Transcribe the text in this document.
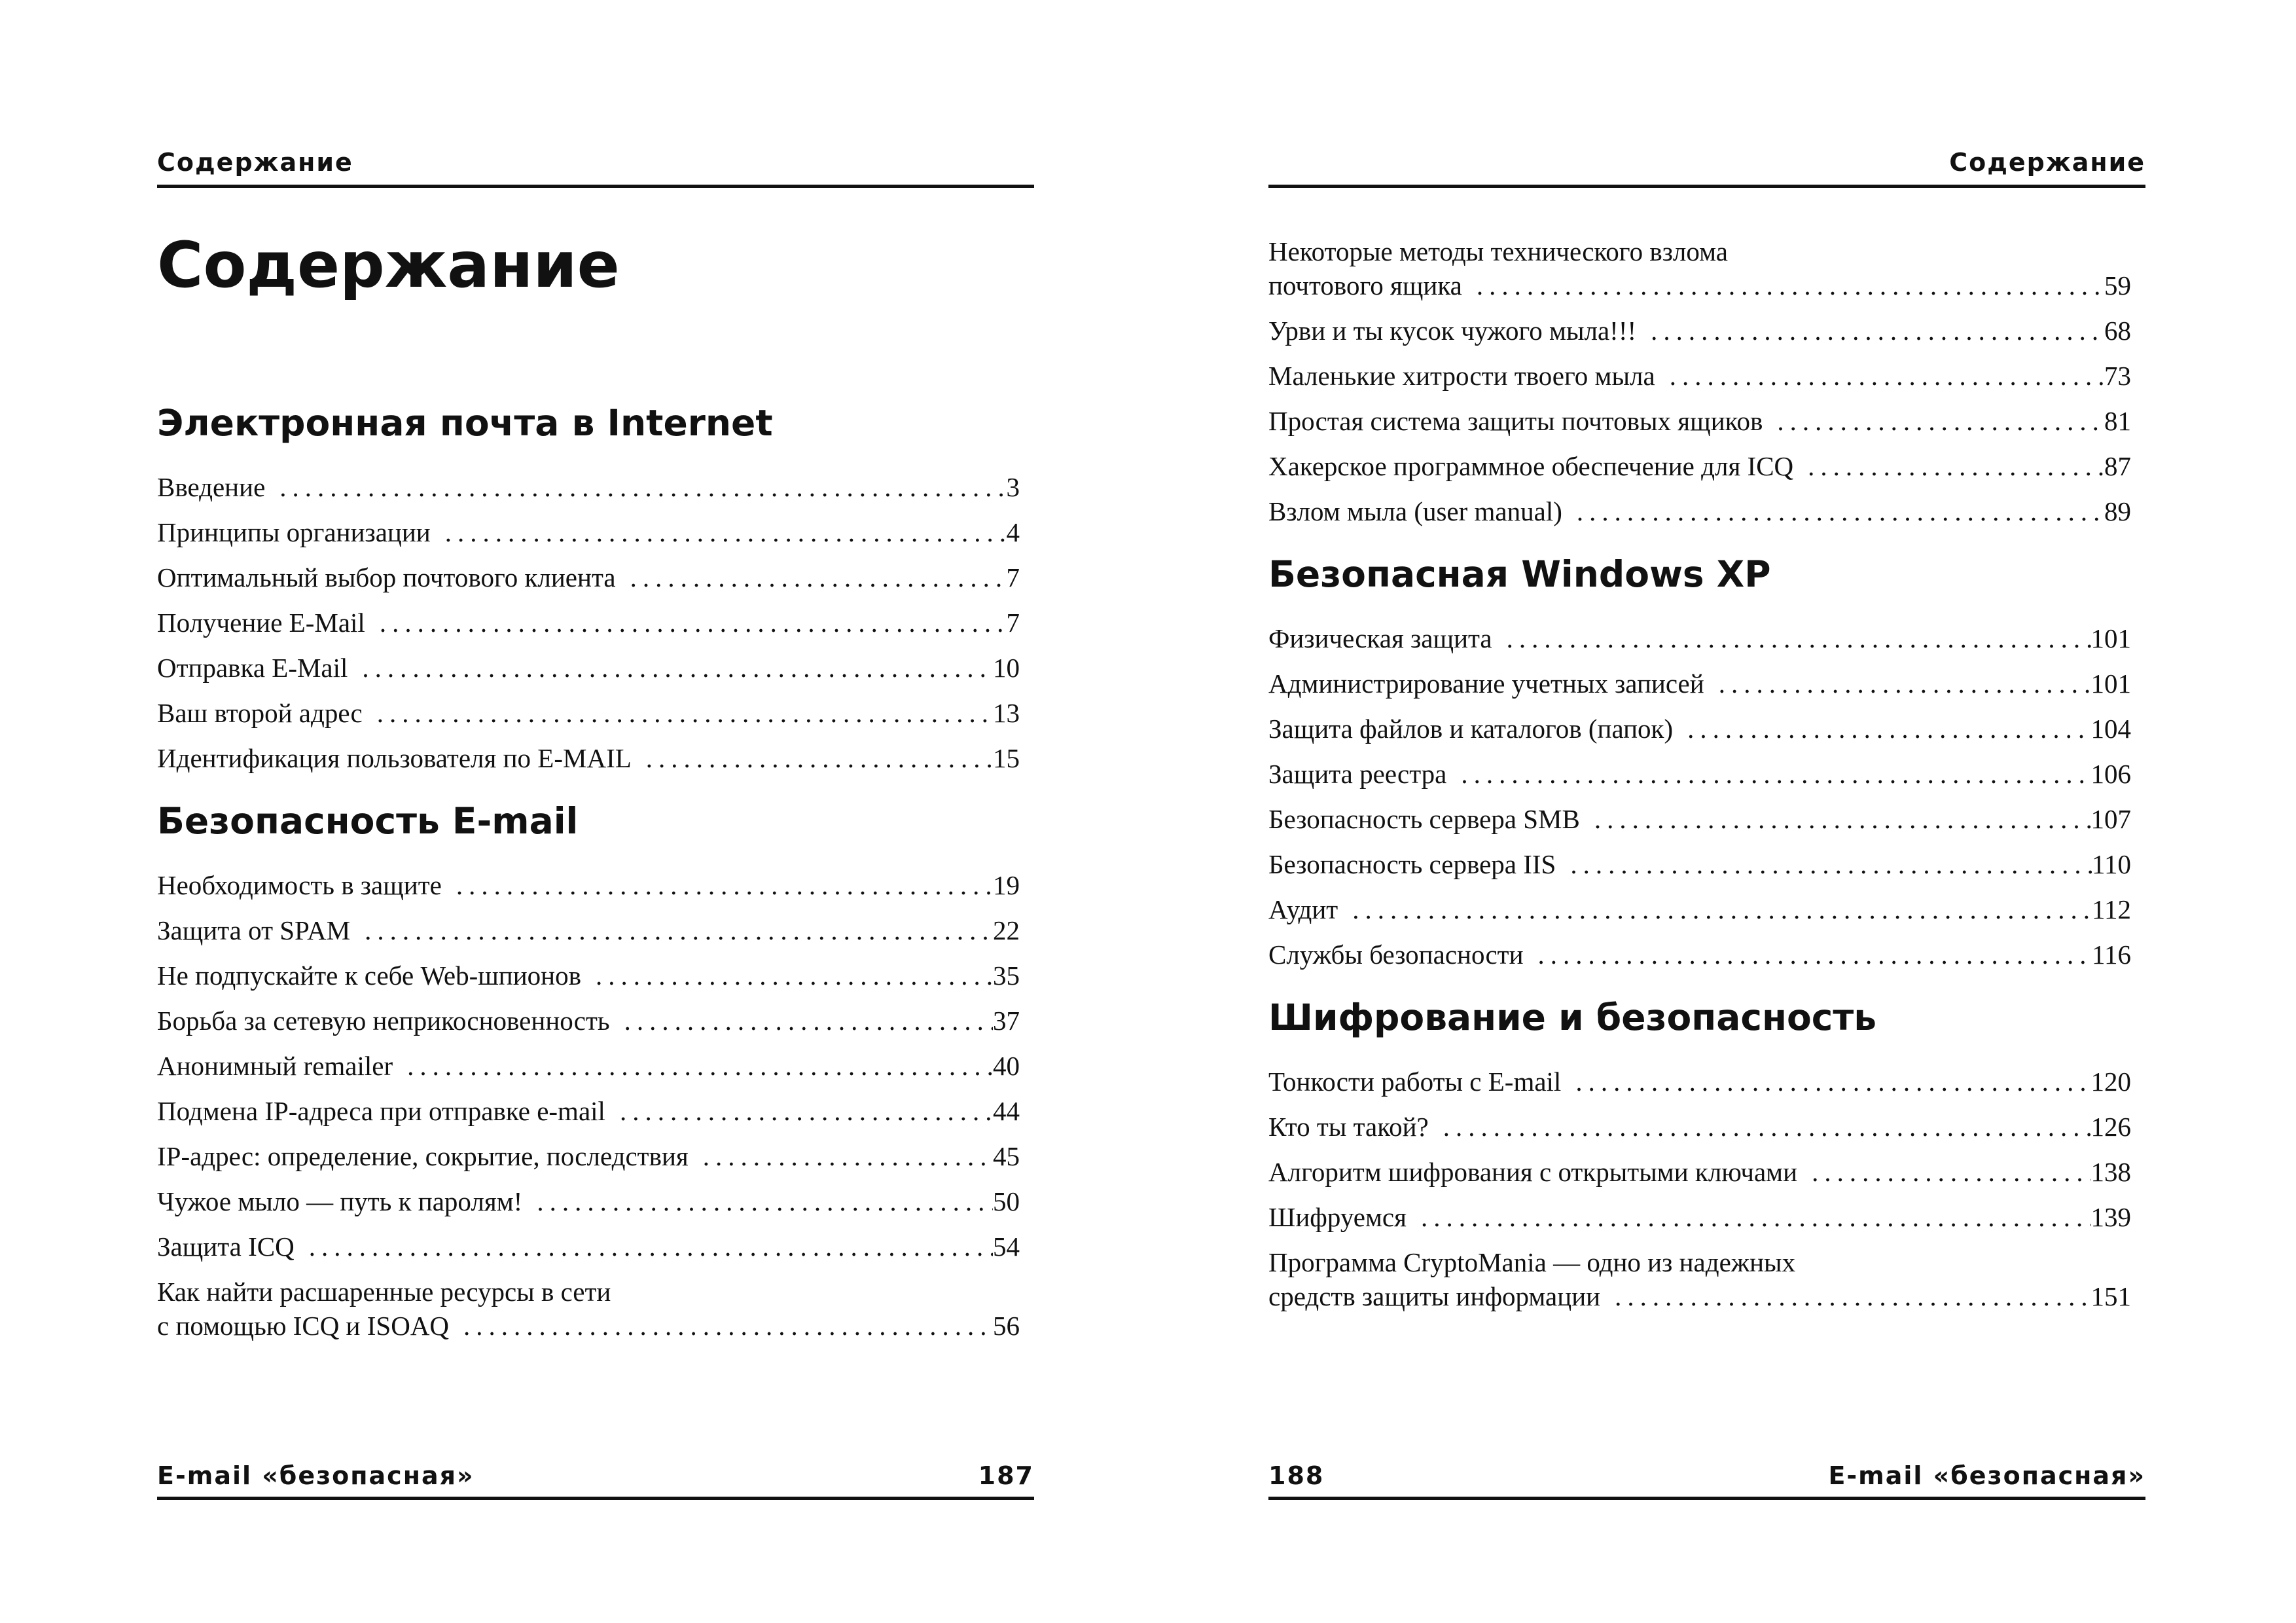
Содержание
Содержание
Электронная почта в Internet
Введение .....	3
Принципы организации .....	4
Оптимальный выбор почтового клиента .....	7
Получение E-Mail .....	7
Отправка E-Mail .....	10
Ваш второй адрес .....	13
Идентификация пользователя по E-MAIL .....	15
Безопасность E-mail
Необходимость в защите .....	19
Защита от SPAM .....	22
Не подпускайте к себе Web-шпионов .....	35
Борьба за сетевую неприкосновенность .....	37
Анонимный remailer .....	40
Подмена IP-адреса при отправке e-mail .....	44
IP-адрес: определение, сокрытие, последствия .....	45
Чужое мыло — путь к паролям! .....	50
Защита ICQ .....	54
Как найти расшаренные ресурсы в сети
с помощью ICQ и ISOAQ .....	56
E-mail «безопасная»	187
Содержание
Некоторые методы технического взлома
почтового ящика .....	59
Урви и ты кусок чужого мыла!!! .....	68
Маленькие хитрости твоего мыла .....	73
Простая система защиты почтовых ящиков .....	81
Хакерское программное обеспечение для ICQ .....	87
Взлом мыла (user manual) .....	89
Безопасная Windows XP
Физическая защита .....	101
Администрирование учетных записей .....	101
Защита файлов и каталогов (папок) .....	104
Защита реестра .....	106
Безопасность сервера SMB .....	107
Безопасность сервера IIS .....	110
Аудит .....	112
Службы безопасности .....	116
Шифрование и безопасность
Тонкости работы с E-mail .....	120
Кто ты такой? .....	126
Алгоритм шифрования с открытыми ключами .....	138
Шифруемся .....	139
Программа CryptoMania — одно из надежных
средств защиты информации .....	151
188	E-mail «безопасная»
